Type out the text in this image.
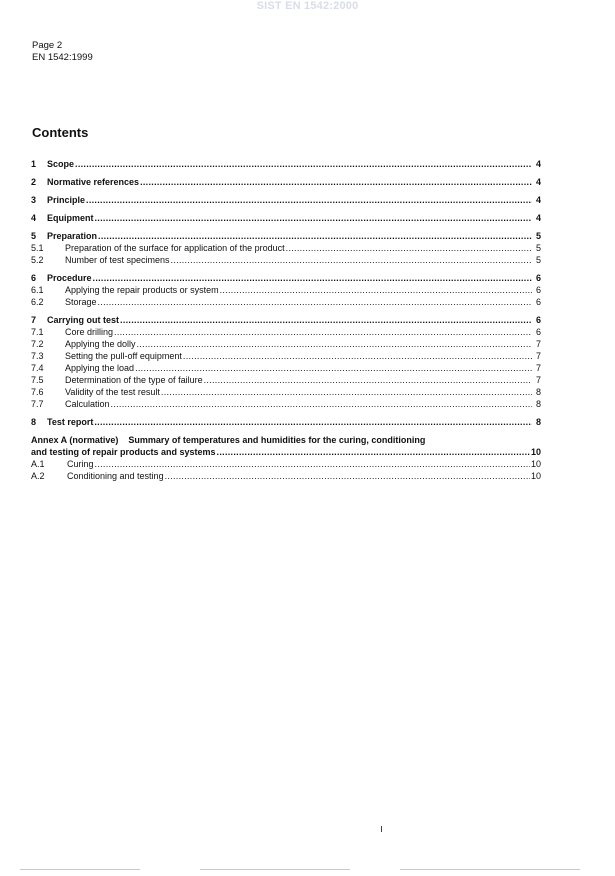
SIST EN 1542:2000
Page 2
EN 1542:1999
Contents
1	Scope .....	4
2	Normative references .....	4
3	Principle .....	4
4	Equipment .....	4
5	Preparation .....	5
5.1	Preparation of the surface for application of the product .....	5
5.2	Number of test specimens .....	5
6	Procedure .....	6
6.1	Applying the repair products or system .....	6
6.2	Storage .....	6
7	Carrying out test .....	6
7.1	Core drilling .....	6
7.2	Applying the dolly .....	7
7.3	Setting the pull-off equipment .....	7
7.4	Applying the load .....	7
7.5	Determination of the type of failure .....	7
7.6	Validity of the test result .....	8
7.7	Calculation .....	8
8	Test report .....	8
Annex A (normative) Summary of temperatures and humidities for the curing, conditioning
and testing of repair products and systems .....	10
A.1	Curing .....	10
A.2	Conditioning and testing .....	10
